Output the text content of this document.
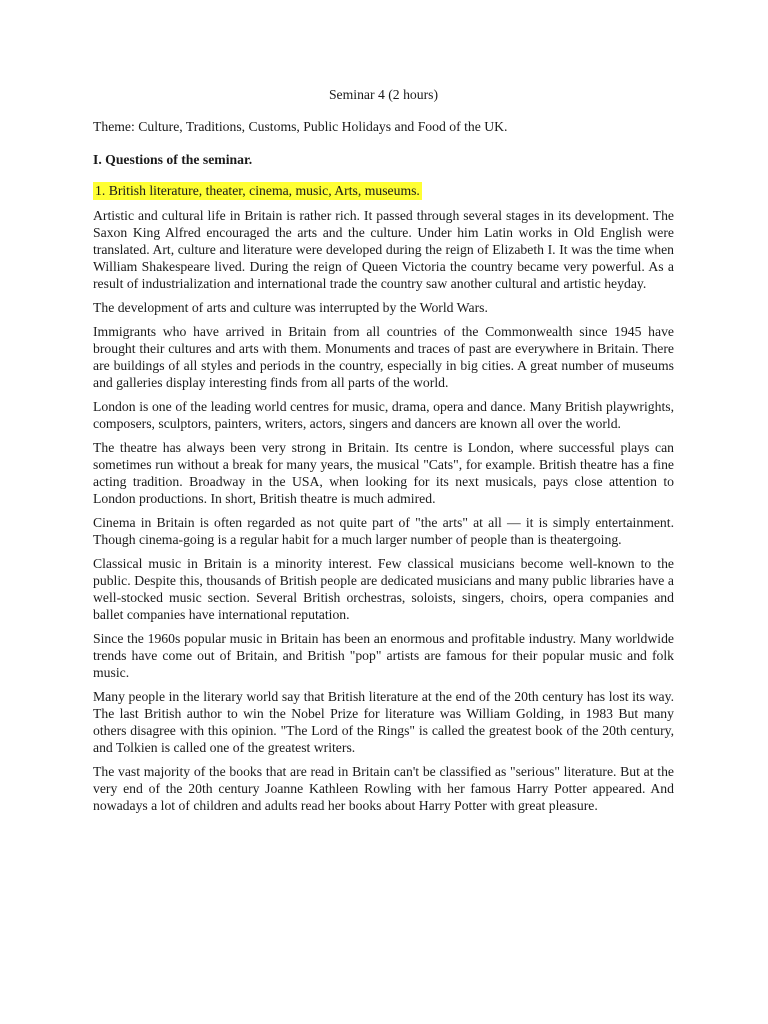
Seminar 4 (2 hours)

Theme: Culture, Traditions, Customs, Public Holidays and Food of the UK.

I. Questions of the seminar.

1. British literature, theater, cinema, music, Arts, museums.

Artistic and cultural life in Britain is rather rich. It passed through several stages in its development. The Saxon King Alfred encouraged the arts and the culture. Under him Latin works in Old English were translated. Art, culture and literature were developed during the reign of Elizabeth I. It was the time when William Shakespeare lived. During the reign of Queen Victoria the country became very powerful. As a result of industrialization and international trade the country saw another cultural and artistic heyday.

The development of arts and culture was interrupted by the World Wars.

Immigrants who have arrived in Britain from all countries of the Commonwealth since 1945 have brought their cultures and arts with them. Monuments and traces of past are everywhere in Britain. There are buildings of all styles and periods in the country, especially in big cities. A great number of museums and galleries display interesting finds from all parts of the world.

London is one of the leading world centres for music, drama, opera and dance. Many British playwrights, composers, sculptors, painters, writers, actors, singers and dancers are known all over the world.

The theatre has always been very strong in Britain. Its centre is London, where successful plays can sometimes run without a break for many years, the musical "Cats", for example. British theatre has a fine acting tradition. Broadway in the USA, when looking for its next musicals, pays close attention to London productions. In short, British theatre is much admired.

Cinema in Britain is often regarded as not quite part of "the arts" at all — it is simply entertainment. Though cinema-going is a regular habit for a much larger number of people than is theatergoing.

Classical music in Britain is a minority interest. Few classical musicians become well-known to the public. Despite this, thousands of British people are dedicated musicians and many public libraries have a well-stocked music section. Several British orchestras, soloists, singers, choirs, opera companies and ballet companies have international reputation.

Since the 1960s popular music in Britain has been an enormous and profitable industry. Many worldwide trends have come out of Britain, and British "pop" artists are famous for their popular music and folk music.

Many people in the literary world say that British literature at the end of the 20th century has lost its way. The last British author to win the Nobel Prize for literature was William Golding, in 1983 But many others disagree with this opinion. "The Lord of the Rings" is called the greatest book of the 20th century, and Tolkien is called one of the greatest writers.

The vast majority of the books that are read in Britain can't be classified as "serious" literature. But at the very end of the 20th century Joanne Kathleen Rowling with her famous Harry Potter appeared. And nowadays a lot of children and adults read her books about Harry Potter with great pleasure.
